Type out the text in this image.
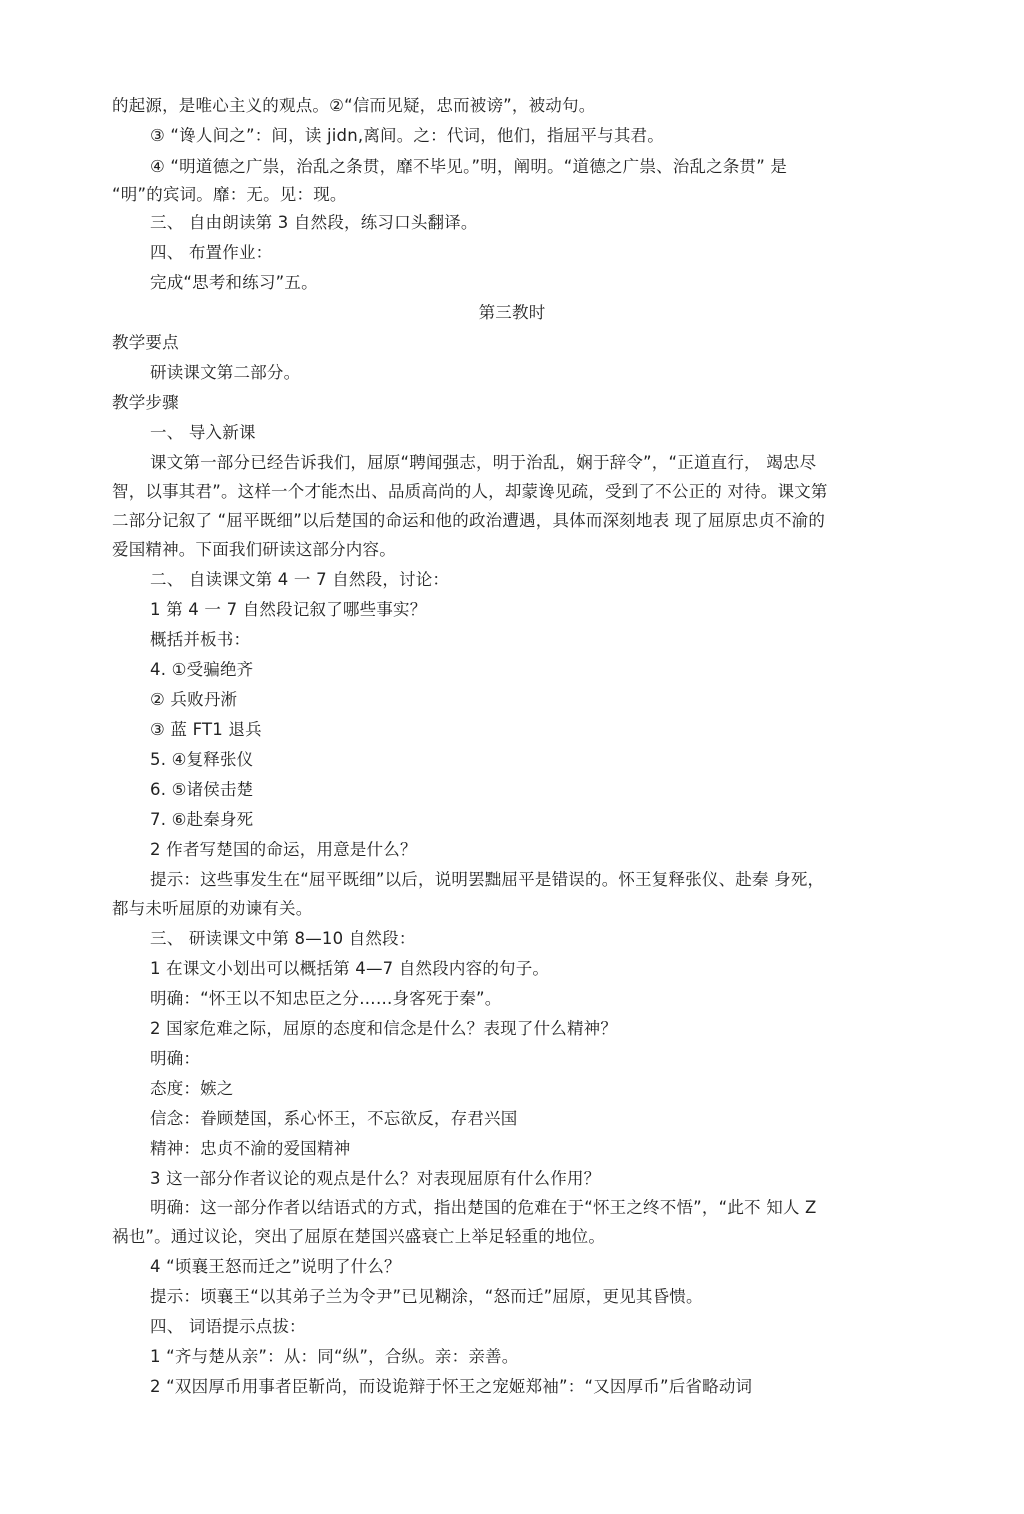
的起源，是唯心主义的观点。②“信而见疑，忠而被谤”，被动句。
③ “谗人间之”：间，读 jidn,离间。之：代词，他们，指屈平与其君。
④ “明道德之广祟，治乱之条贯，靡不毕见。”明，阐明。“道德之广祟、治乱之条贯” 是
“明”的宾词。靡：无。见：现。
三、 自由朗读第 3 自然段，练习口头翻译。
四、 布置作业：
完成“思考和练习”五。
第三教时
教学要点
研读课文第二部分。
教学步骤
一、 导入新课
课文第一部分已经告诉我们，屈原“聘闻强志，明于治乱，娴于辞令”，“正道直行， 竭忠尽
智，以事其君”。这样一个才能杰出、品质高尚的人，却蒙谗见疏，受到了不公正的 对待。课文第
二部分记叙了 “屈平既细”以后楚国的命运和他的政治遭遇，具体而深刻地表 现了屈原忠贞不渝的
爱国精神。下面我们研读这部分内容。
二、 自读课文第 4 一 7 自然段，讨论：
1 第 4 一 7 自然段记叙了哪些事实？
概括并板书：
4. ①受骗绝齐
② 兵败丹淅
③ 蓝 FT1 退兵
5. ④复释张仪
6. ⑤诸侯击楚
7. ⑥赴秦身死
2 作者写楚国的命运，用意是什么？
提示：这些事发生在“屈平既细”以后，说明罢黜屈平是错误的。怀王复释张仪、赴秦 身死，
都与未听屈原的劝谏有关。
三、 研读课文中第 8—10 自然段：
1 在课文小划出可以概括第 4—7 自然段内容的句子。
明确：“怀王以不知忠臣之分……身客死于秦”。
2 国家危难之际，屈原的态度和信念是什么？表现了什么精神？
明确：
态度：嫉之
信念：眷顾楚国，系心怀王，不忘欲反，存君兴国
精神：忠贞不渝的爱国精神
3 这一部分作者议论的观点是什么？对表现屈原有什么作用？
明确：这一部分作者以结语式的方式，指出楚国的危难在于“怀王之终不悟”，“此不 知人 Z
祸也”。通过议论，突出了屈原在楚国兴盛衰亡上举足轻重的地位。
4 “顷襄王怒而迁之”说明了什么？
提示：顷襄王“以其弟子兰为令尹”已见糊涂，“怒而迁”屈原，更见其昏愦。
四、 词语提示点拔：
1 “齐与楚从亲”：从：同“纵”，合纵。亲：亲善。
2 “双因厚币用事者臣靳尚，而设诡辩于怀王之宠姬郑袖”：“又因厚币”后省略动词
